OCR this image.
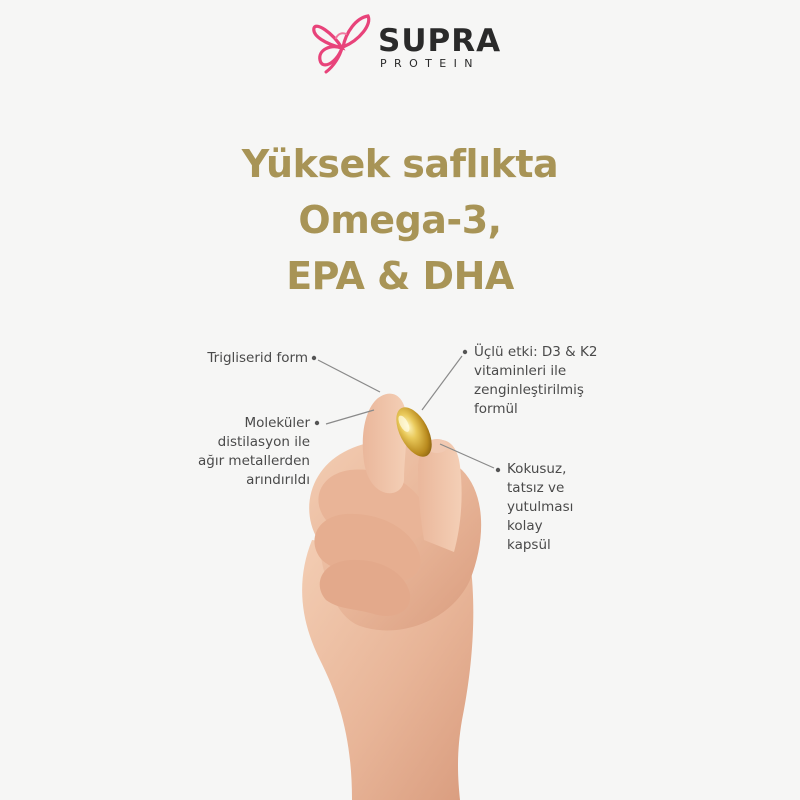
SUPRA
PROTEIN
Yüksek saflıkta
Omega-3,
EPA & DHA
Trigliserid form
Moleküler
distilasyon ile
ağır metallerden
arındırıldı
Üçlü etki: D3 & K2
vitaminleri ile
zenginleştirilmiş
formül
Kokusuz,
tatsız ve
yutulması
kolay
kapsül
